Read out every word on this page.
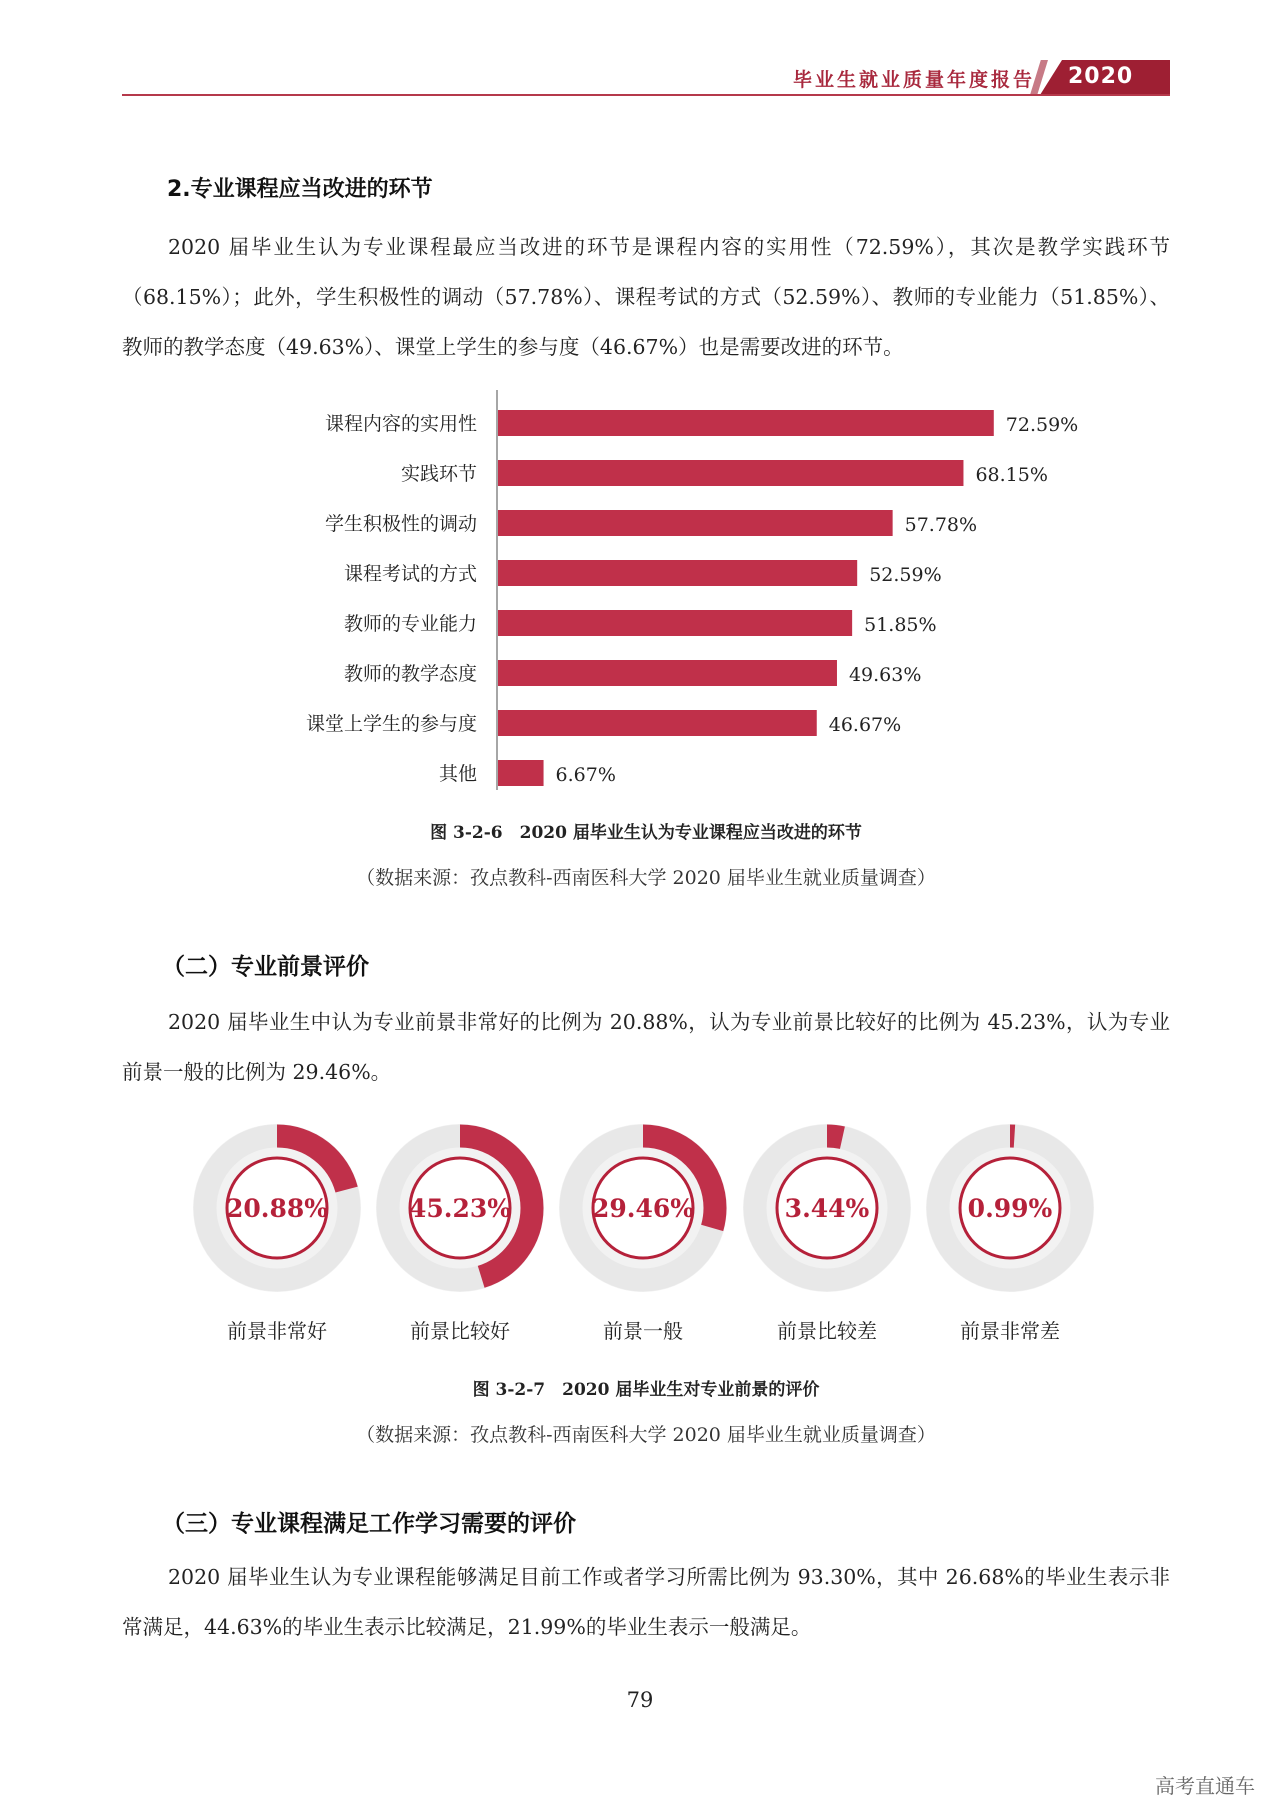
毕业生就业质量年度报告 2020
2.专业课程应当改进的环节
2020 届毕业生认为专业课程最应当改进的环节是课程内容的实用性（72.59%），其次是教学实践环节（68.15%）；此外，学生积极性的调动（57.78%）、课程考试的方式（52.59%）、教师的专业能力（51.85%）、教师的教学态度（49.63%）、课堂上学生的参与度（46.67%）也是需要改进的环节。
课程内容的实用性	72.59%
实践环节	68.15%
学生积极性的调动	57.78%
课程考试的方式	52.59%
教师的专业能力	51.85%
教师的教学态度	49.63%
课堂上学生的参与度	46.67%
其他	6.67%
图 3-2-6　2020 届毕业生认为专业课程应当改进的环节
（数据来源：孜点教科-西南医科大学 2020 届毕业生就业质量调查）
（二）专业前景评价
2020 届毕业生中认为专业前景非常好的比例为 20.88%，认为专业前景比较好的比例为 45.23%，认为专业前景一般的比例为 29.46%。
20.88%
前景非常好
45.23%
前景比较好
29.46%
前景一般
3.44%
前景比较差
0.99%
前景非常差
图 3-2-7　2020 届毕业生对专业前景的评价
（数据来源：孜点教科-西南医科大学 2020 届毕业生就业质量调查）
（三）专业课程满足工作学习需要的评价
2020 届毕业生认为专业课程能够满足目前工作或者学习所需比例为 93.30%，其中 26.68%的毕业生表示非常满足，44.63%的毕业生表示比较满足，21.99%的毕业生表示一般满足。
79
高考直通车
